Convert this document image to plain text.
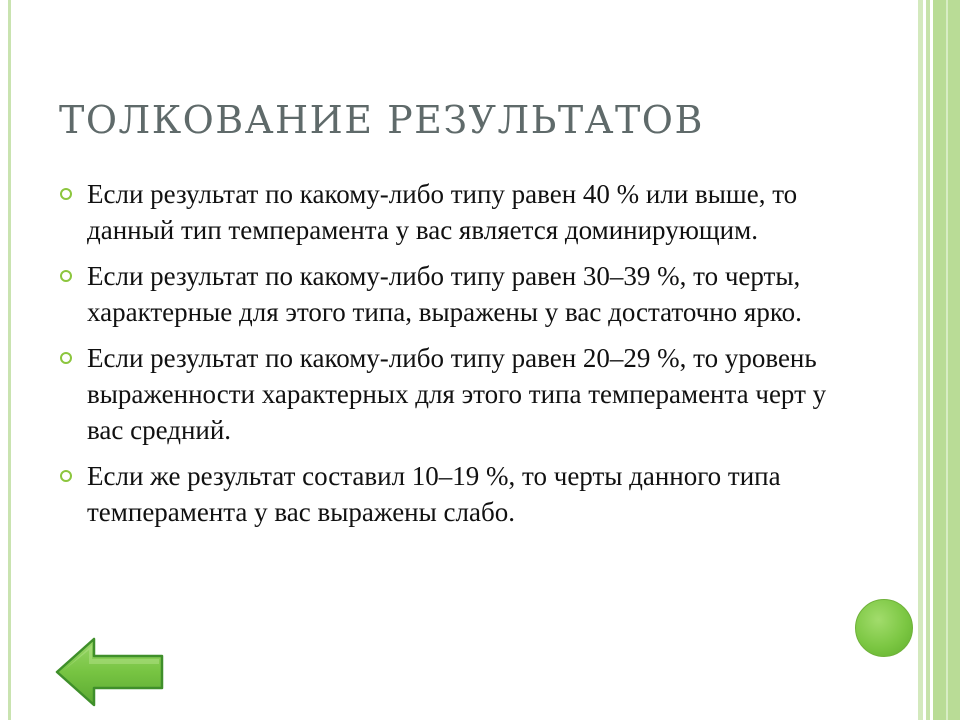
ТОЛКОВАНИЕ РЕЗУЛЬТАТОВ
Если результат по какому-либо типу равен 40 % или выше, то данный тип темперамента у вас является доминирующим.
Если результат по какому-либо типу равен 30–39 %, то черты, характерные для этого типа, выражены у вас достаточно ярко.
Если результат по какому-либо типу равен 20–29 %, то уровень выраженности характерных для этого типа темперамента черт у вас средний.
Если же результат составил 10–19 %, то черты данного типа темперамента у вас выражены слабо.
